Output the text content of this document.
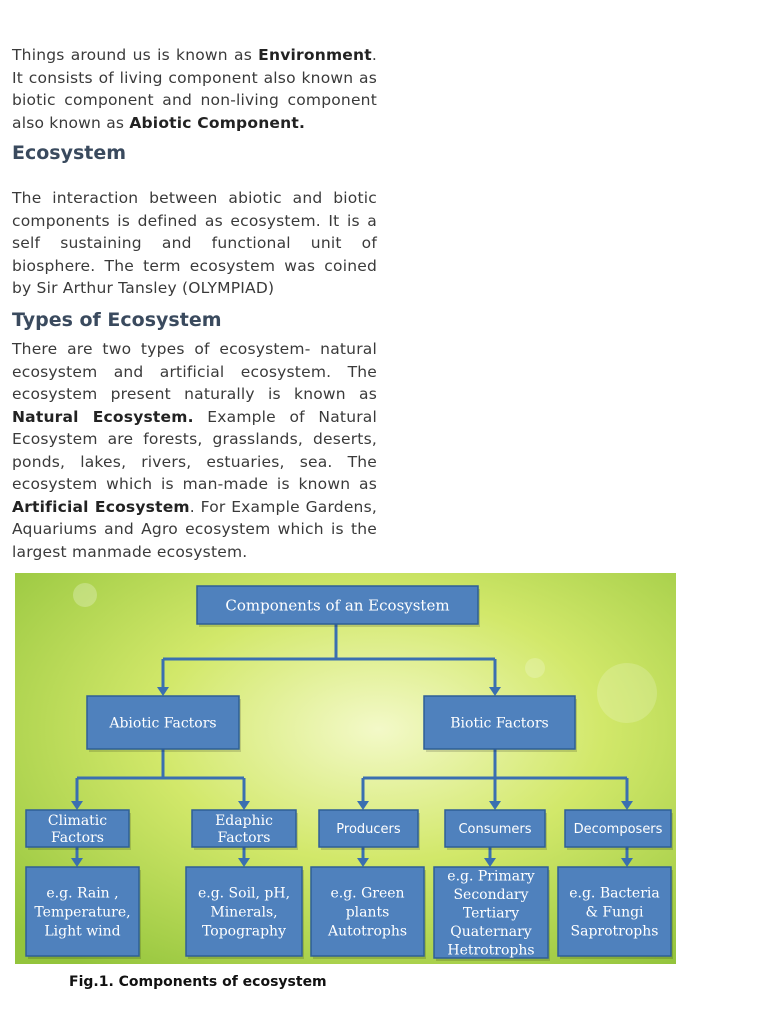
Things around us is known as Environment. It consists of living component also known as biotic component and non-living component also known as Abiotic Component.

Ecosystem

The interaction between abiotic and biotic components is defined as ecosystem. It is a self sustaining and functional unit of biosphere. The term ecosystem was coined by Sir Arthur Tansley (OLYMPIAD)

Types of Ecosystem

There are two types of ecosystem- natural ecosystem and artificial ecosystem. The ecosystem present naturally is known as Natural Ecosystem. Example of Natural Ecosystem are forests, grasslands, deserts, ponds, lakes, rivers, estuaries, sea. The ecosystem which is man-made is known as Artificial Ecosystem. For Example Gardens, Aquariums and Agro ecosystem which is the largest manmade ecosystem.

Components of an Ecosystem
Abiotic Factors	Biotic Factors
Climatic
Factors
Edaphic
Factors
Producers	Consumers	Decomposers
e.g. Rain ,
Temperature,
Light wind
e.g. Soil, pH,
Minerals,
Topography
e.g. Green
plants
Autotrophs
e.g. Primary
Secondary
Tertiary
Quaternary
Hetrotrophs
e.g. Bacteria
& Fungi
Saprotrophs
Fig.1. Components of ecosystem
